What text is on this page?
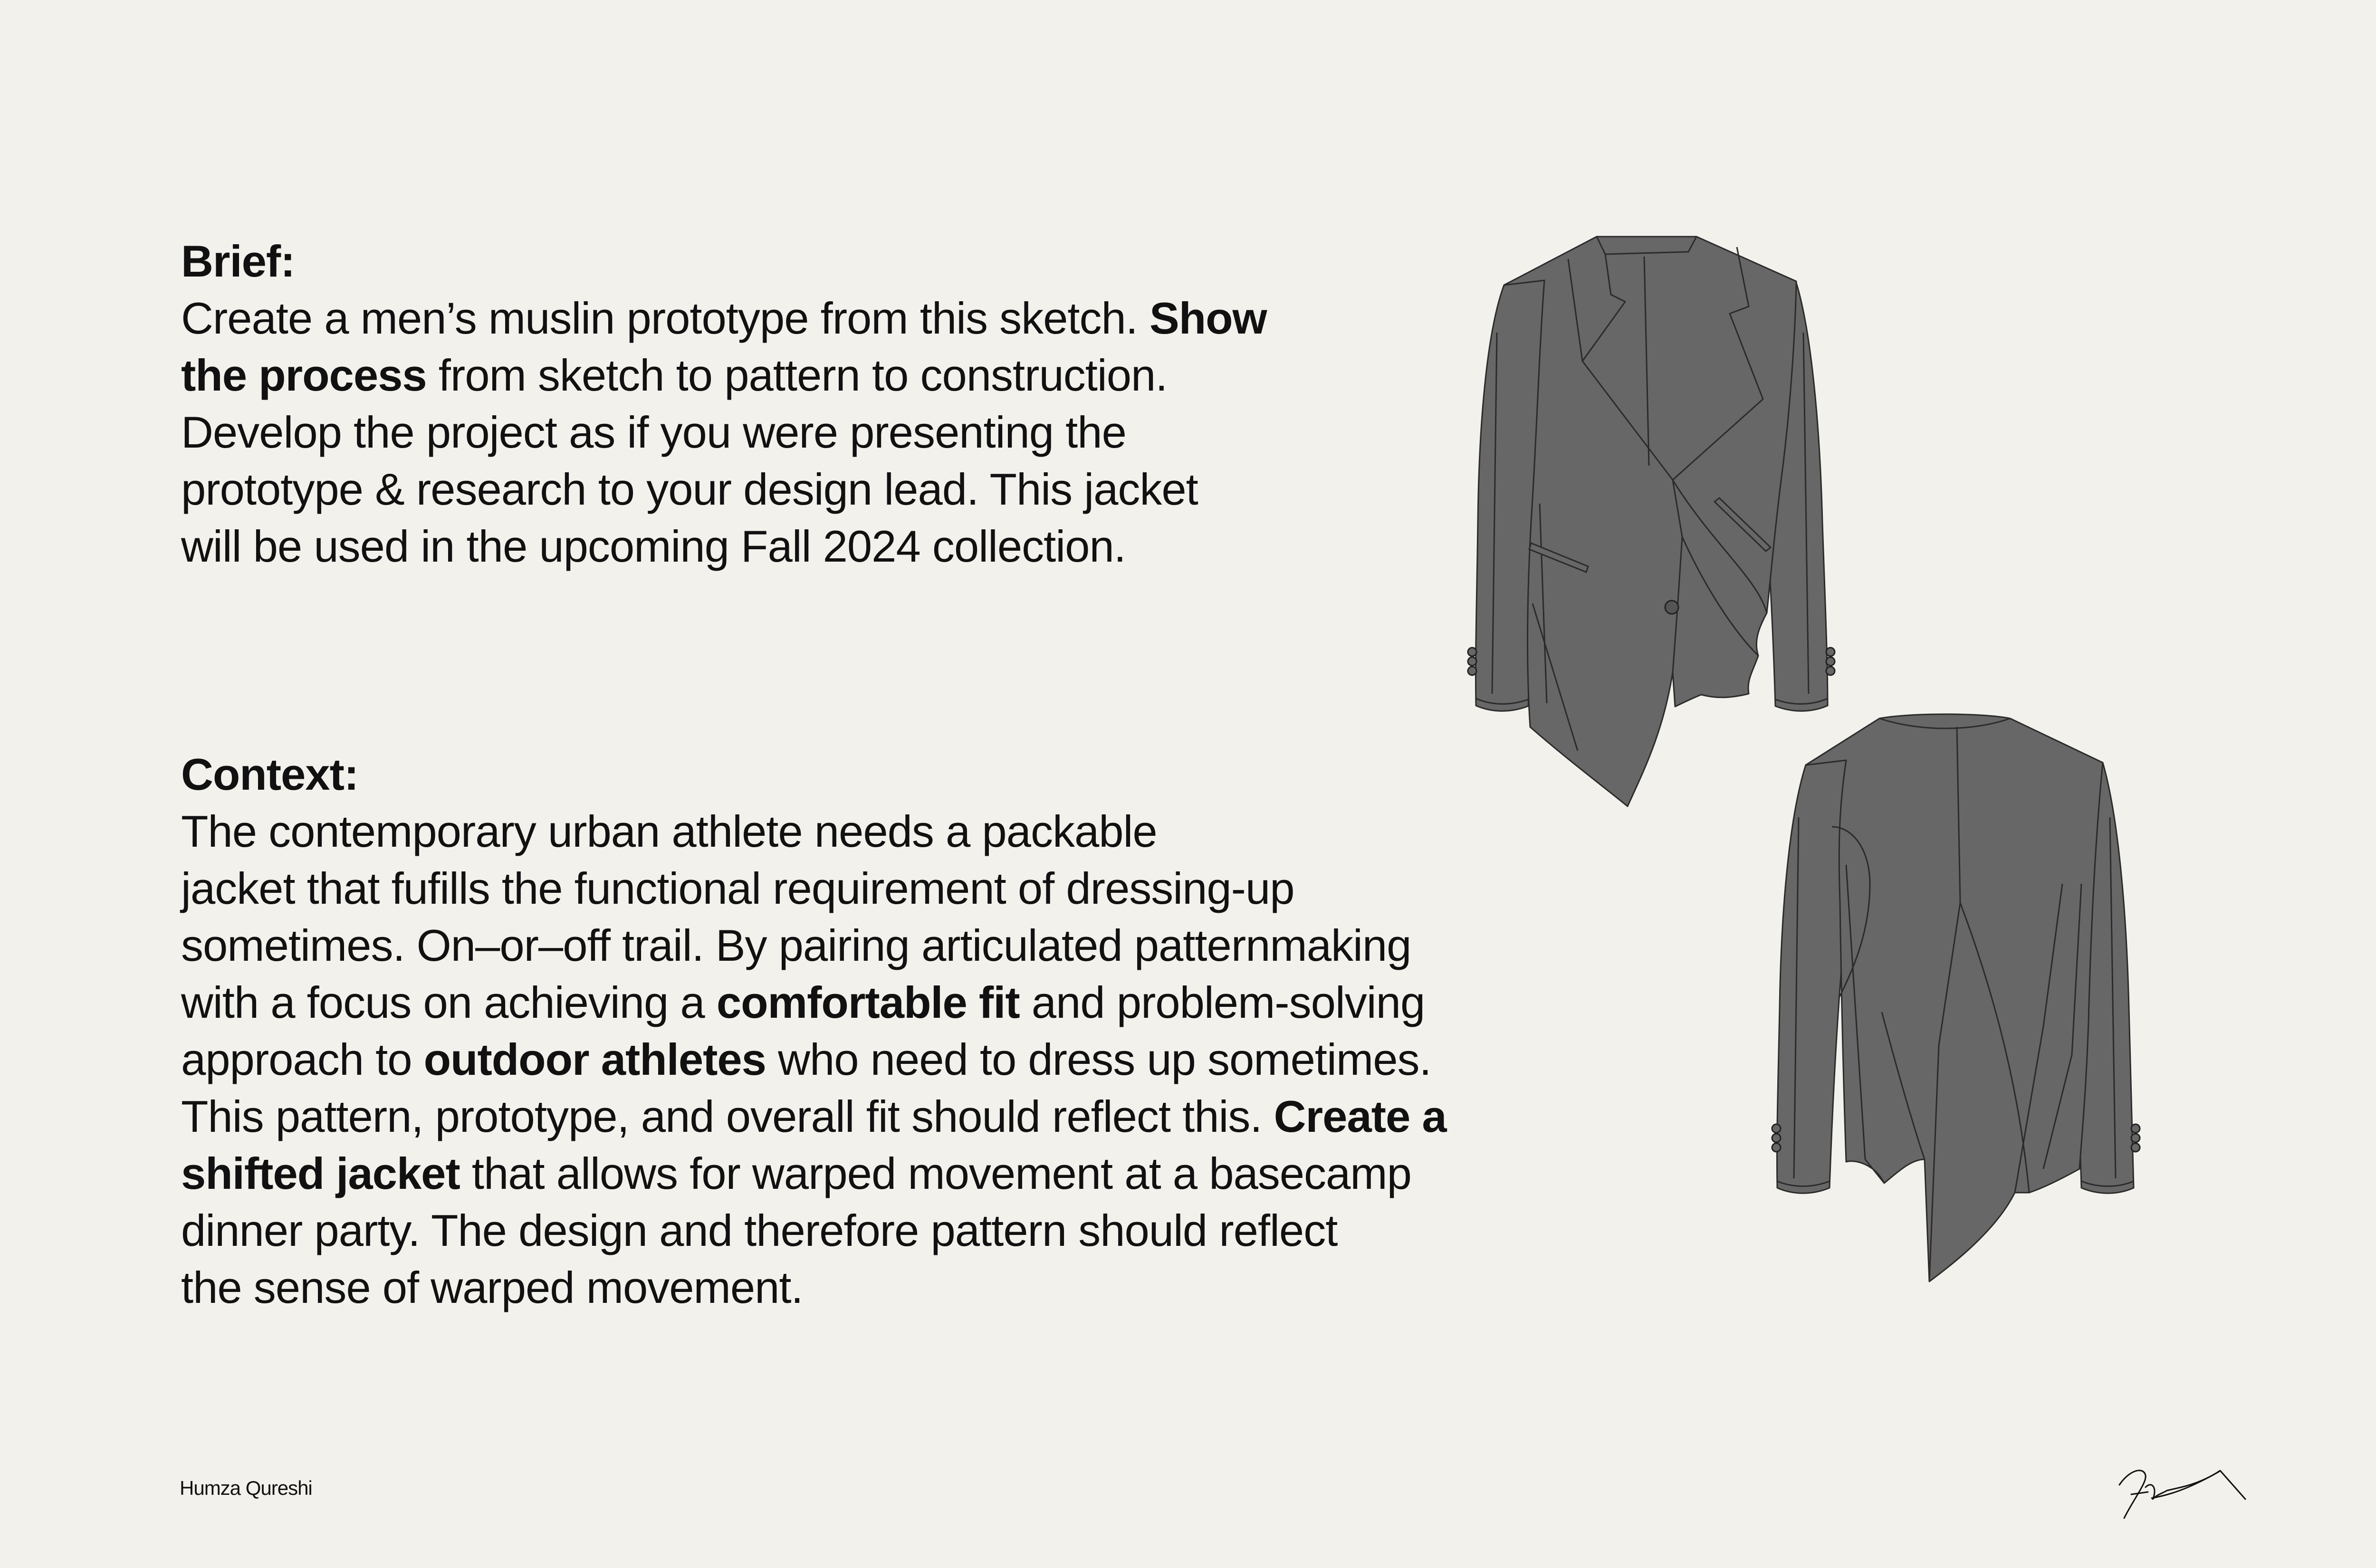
Brief:
Create a men’s muslin prototype from this sketch. Show
the process from sketch to pattern to construction.
Develop the project as if you were presenting the
prototype & research to your design lead. This jacket
will be used in the upcoming Fall 2024 collection.
Context:
The contemporary urban athlete needs a packable
jacket that fufills the functional requirement of dressing-up
sometimes. On–or–off trail. By pairing articulated patternmaking
with a focus on achieving a comfortable fit and problem-solving
approach to outdoor athletes who need to dress up sometimes.
This pattern, prototype, and overall fit should reflect this. Create a
shifted jacket that allows for warped movement at a basecamp
dinner party. The design and therefore pattern should reflect
the sense of warped movement.
Humza Qureshi
